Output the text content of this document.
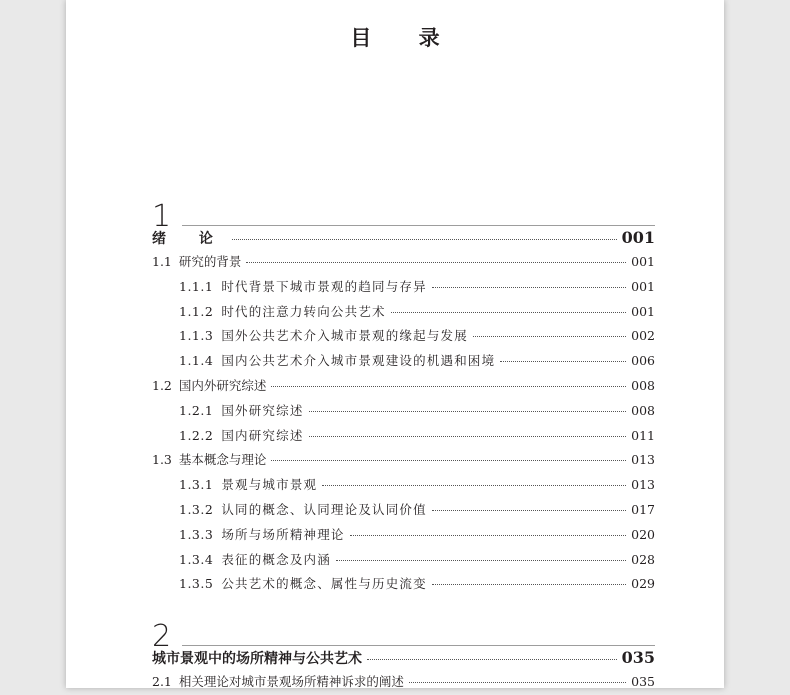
目 录
1
绪 论	001
1.1 研究的背景	001
1.1.1 时代背景下城市景观的趋同与存异	001
1.1.2 时代的注意力转向公共艺术	001
1.1.3 国外公共艺术介入城市景观的缘起与发展	002
1.1.4 国内公共艺术介入城市景观建设的机遇和困境	006
1.2 国内外研究综述	008
1.2.1 国外研究综述	008
1.2.2 国内研究综述	011
1.3 基本概念与理论	013
1.3.1 景观与城市景观	013
1.3.2 认同的概念、认同理论及认同价值	017
1.3.3 场所与场所精神理论	020
1.3.4 表征的概念及内涵	028
1.3.5 公共艺术的概念、属性与历史流变	029
2
城市景观中的场所精神与公共艺术	035
2.1 相关理论对城市景观场所精神诉求的阐述	035
